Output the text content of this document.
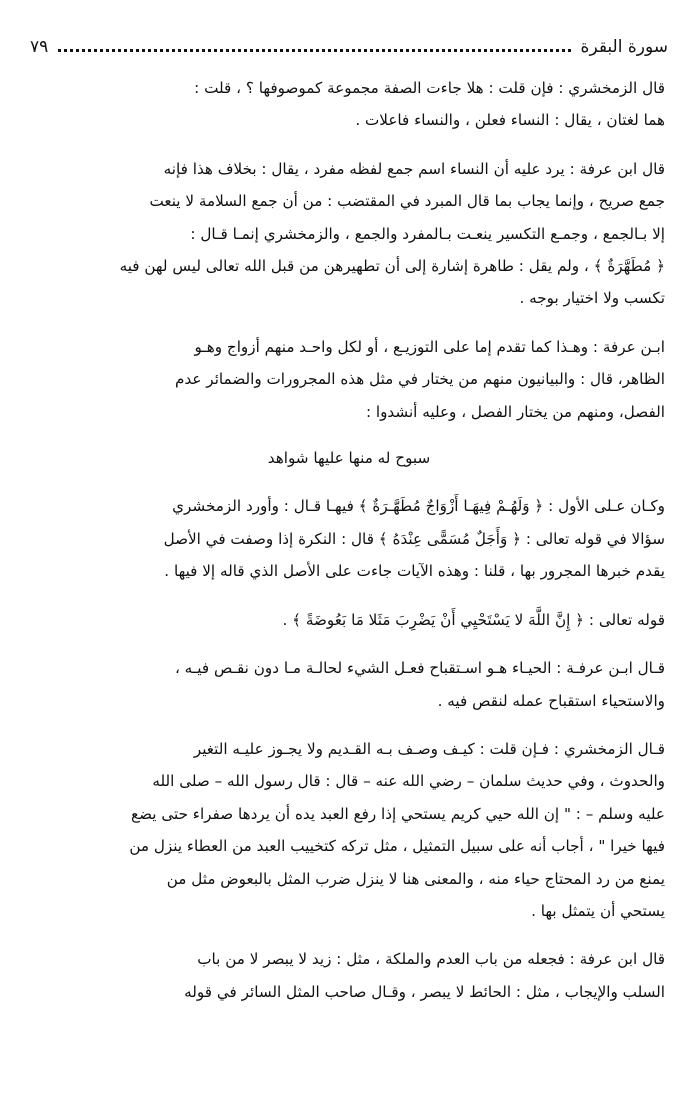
سورة البقرة
٧٩

قال الزمخشري : فإن قلت : هلا جاءت الصفة مجموعة كموصوفها ؟ ، قلت :
هما لغتان ، يقال : النساء فعلن ، والنساء فاعلات .

قال ابن عرفة : يرد عليه أن النساء اسم جمع لفظه مفرد ، يقال : بخلاف هذا فإنه
جمع صريح ، وإنما يجاب بما قال المبرد في المقتضب : من أن جمع السلامة لا ينعت
إلا بـالجمع ، وجمـع التكسير ينعـت بـالمفرد والجمع ، والزمخشري إنمـا قـال :
﴿ مُطَهَّرَةٌ ﴾ ، ولم يقل : طاهرة إشارة إلى أن تطهيرهن من قبل الله تعالى ليس لهن فيه
تكسب ولا اختيار بوجه .

ابـن عرفة : وهـذا كما تقدم إما على التوزيـع ، أو لكل واحـد منهم أزواج وهـو
الظاهر، قال : والبيانيون منهم من يختار في مثل هذه المجرورات والضمائر عدم
الفصل، ومنهم من يختار الفصل ، وعليه أنشدوا :

سبوح له منها عليها شواهد

وكـان عـلى الأول : ﴿ وَلَهُـمْ فِيهَـا أَزْوَاجٌ مُطَهَّـرَةٌ ﴾ فيهـا قـال : وأورد الزمخشري
سؤالا في قوله تعالى : ﴿ وَأَجَلٌ مُسَمًّى عِنْدَهُ ﴾ قال : النكرة إذا وصفت في الأصل
يقدم خبرها المجرور بها ، قلنا : وهذه الآيات جاءت على الأصل الذي قاله إلا فيها .

قوله تعالى : ﴿ إِنَّ اللَّهَ لا يَسْتَحْيِي أَنْ يَضْرِبَ مَثَلا مَا بَعُوضَةً ﴾ .

قـال ابـن عرفـة : الحيـاء هـو اسـتقباح فعـل الشيء لحالـة مـا دون نقـص فيـه ،
والاستحياء استقباح عمله لنقص فيه .

قـال الزمخشري : فـإن قلت : كيـف وصـف بـه القـديم ولا يجـوز عليـه التغير
والحدوث ، وفي حديث سلمان – رضي الله عنه – قال : قال رسول الله – صلى الله
عليه وسلم – : " إن الله حيي كريم يستحي إذا رفع العبد يده أن يردها صفراء حتى يضع
فيها خيرا " ، أجاب أنه على سبيل التمثيل ، مثل تركه كتخييب العبد من العطاء ينزل من
يمنع من رد المحتاج حياء منه ، والمعنى هنا لا ينزل ضرب المثل بالبعوض مثل من
يستحي أن يتمثل بها .

قال ابن عرفة : فجعله من باب العدم والملكة ، مثل : زيد لا يبصر لا من باب
السلب والإيجاب ، مثل : الحائط لا يبصر ، وقـال صاحب المثل السائر في قوله
